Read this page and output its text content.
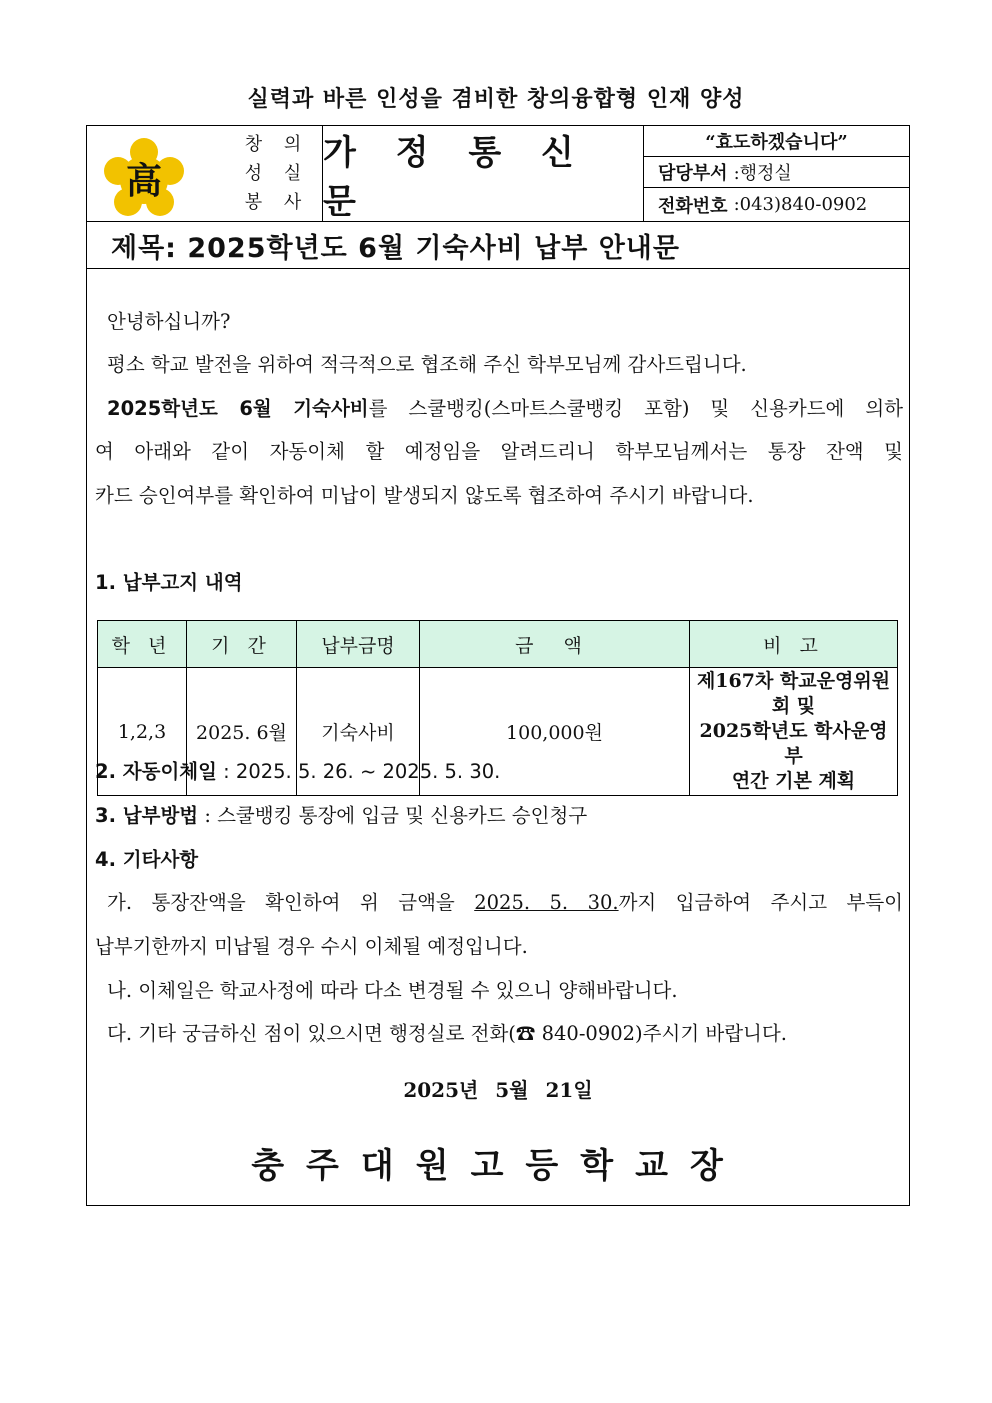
실력과 바른 인성을 겸비한 창의융합형 인재 양성
高
창 의
성 실
봉 사
가 정 통 신 문
“효도하겠습니다”
담당부서 :행정실
전화번호 :043)840-0902
제목: 2025학년도 6월 기숙사비 납부 안내문
안녕하십니까?
평소 학교 발전을 위하여 적극적으로 협조해 주신 학부모님께 감사드립니다.
2025학년도 6월 기숙사비를 스쿨뱅킹(스마트스쿨뱅킹 포함) 및 신용카드에 의하
여 아래와 같이 자동이체 할 예정임을 알려드리니 학부모님께서는 통장 잔액 및
카드 승인여부를 확인하여 미납이 발생되지 않도록 협조하여 주시기 바랍니다.
1. 납부고지 내역
2. 자동이체일 : 2025. 5. 26. ~ 2025. 5. 30.
3. 납부방법 : 스쿨뱅킹 통장에 입금 및 신용카드 승인청구
4. 기타사항
가. 통장잔액을 확인하여 위 금액을 2025. 5. 30.까지 입금하여 주시고 부득이
납부기한까지 미납될 경우 수시 이체될 예정입니다.
나. 이체일은 학교사정에 따라 다소 변경될 수 있으니 양해바랍니다.
다. 기타 궁금하신 점이 있으시면 행정실로 전화(☎ 840-0902)주시기 바랍니다.
학 년	기 간	납부금명	금 액	비 고
1,2,3	2025. 6월	기숙사비	100,000원	제167차 학교운영위원회 및
2025학년도 학사운영부
연간 기본 계획
2025년 5월 21일
충주대원고등학교장
